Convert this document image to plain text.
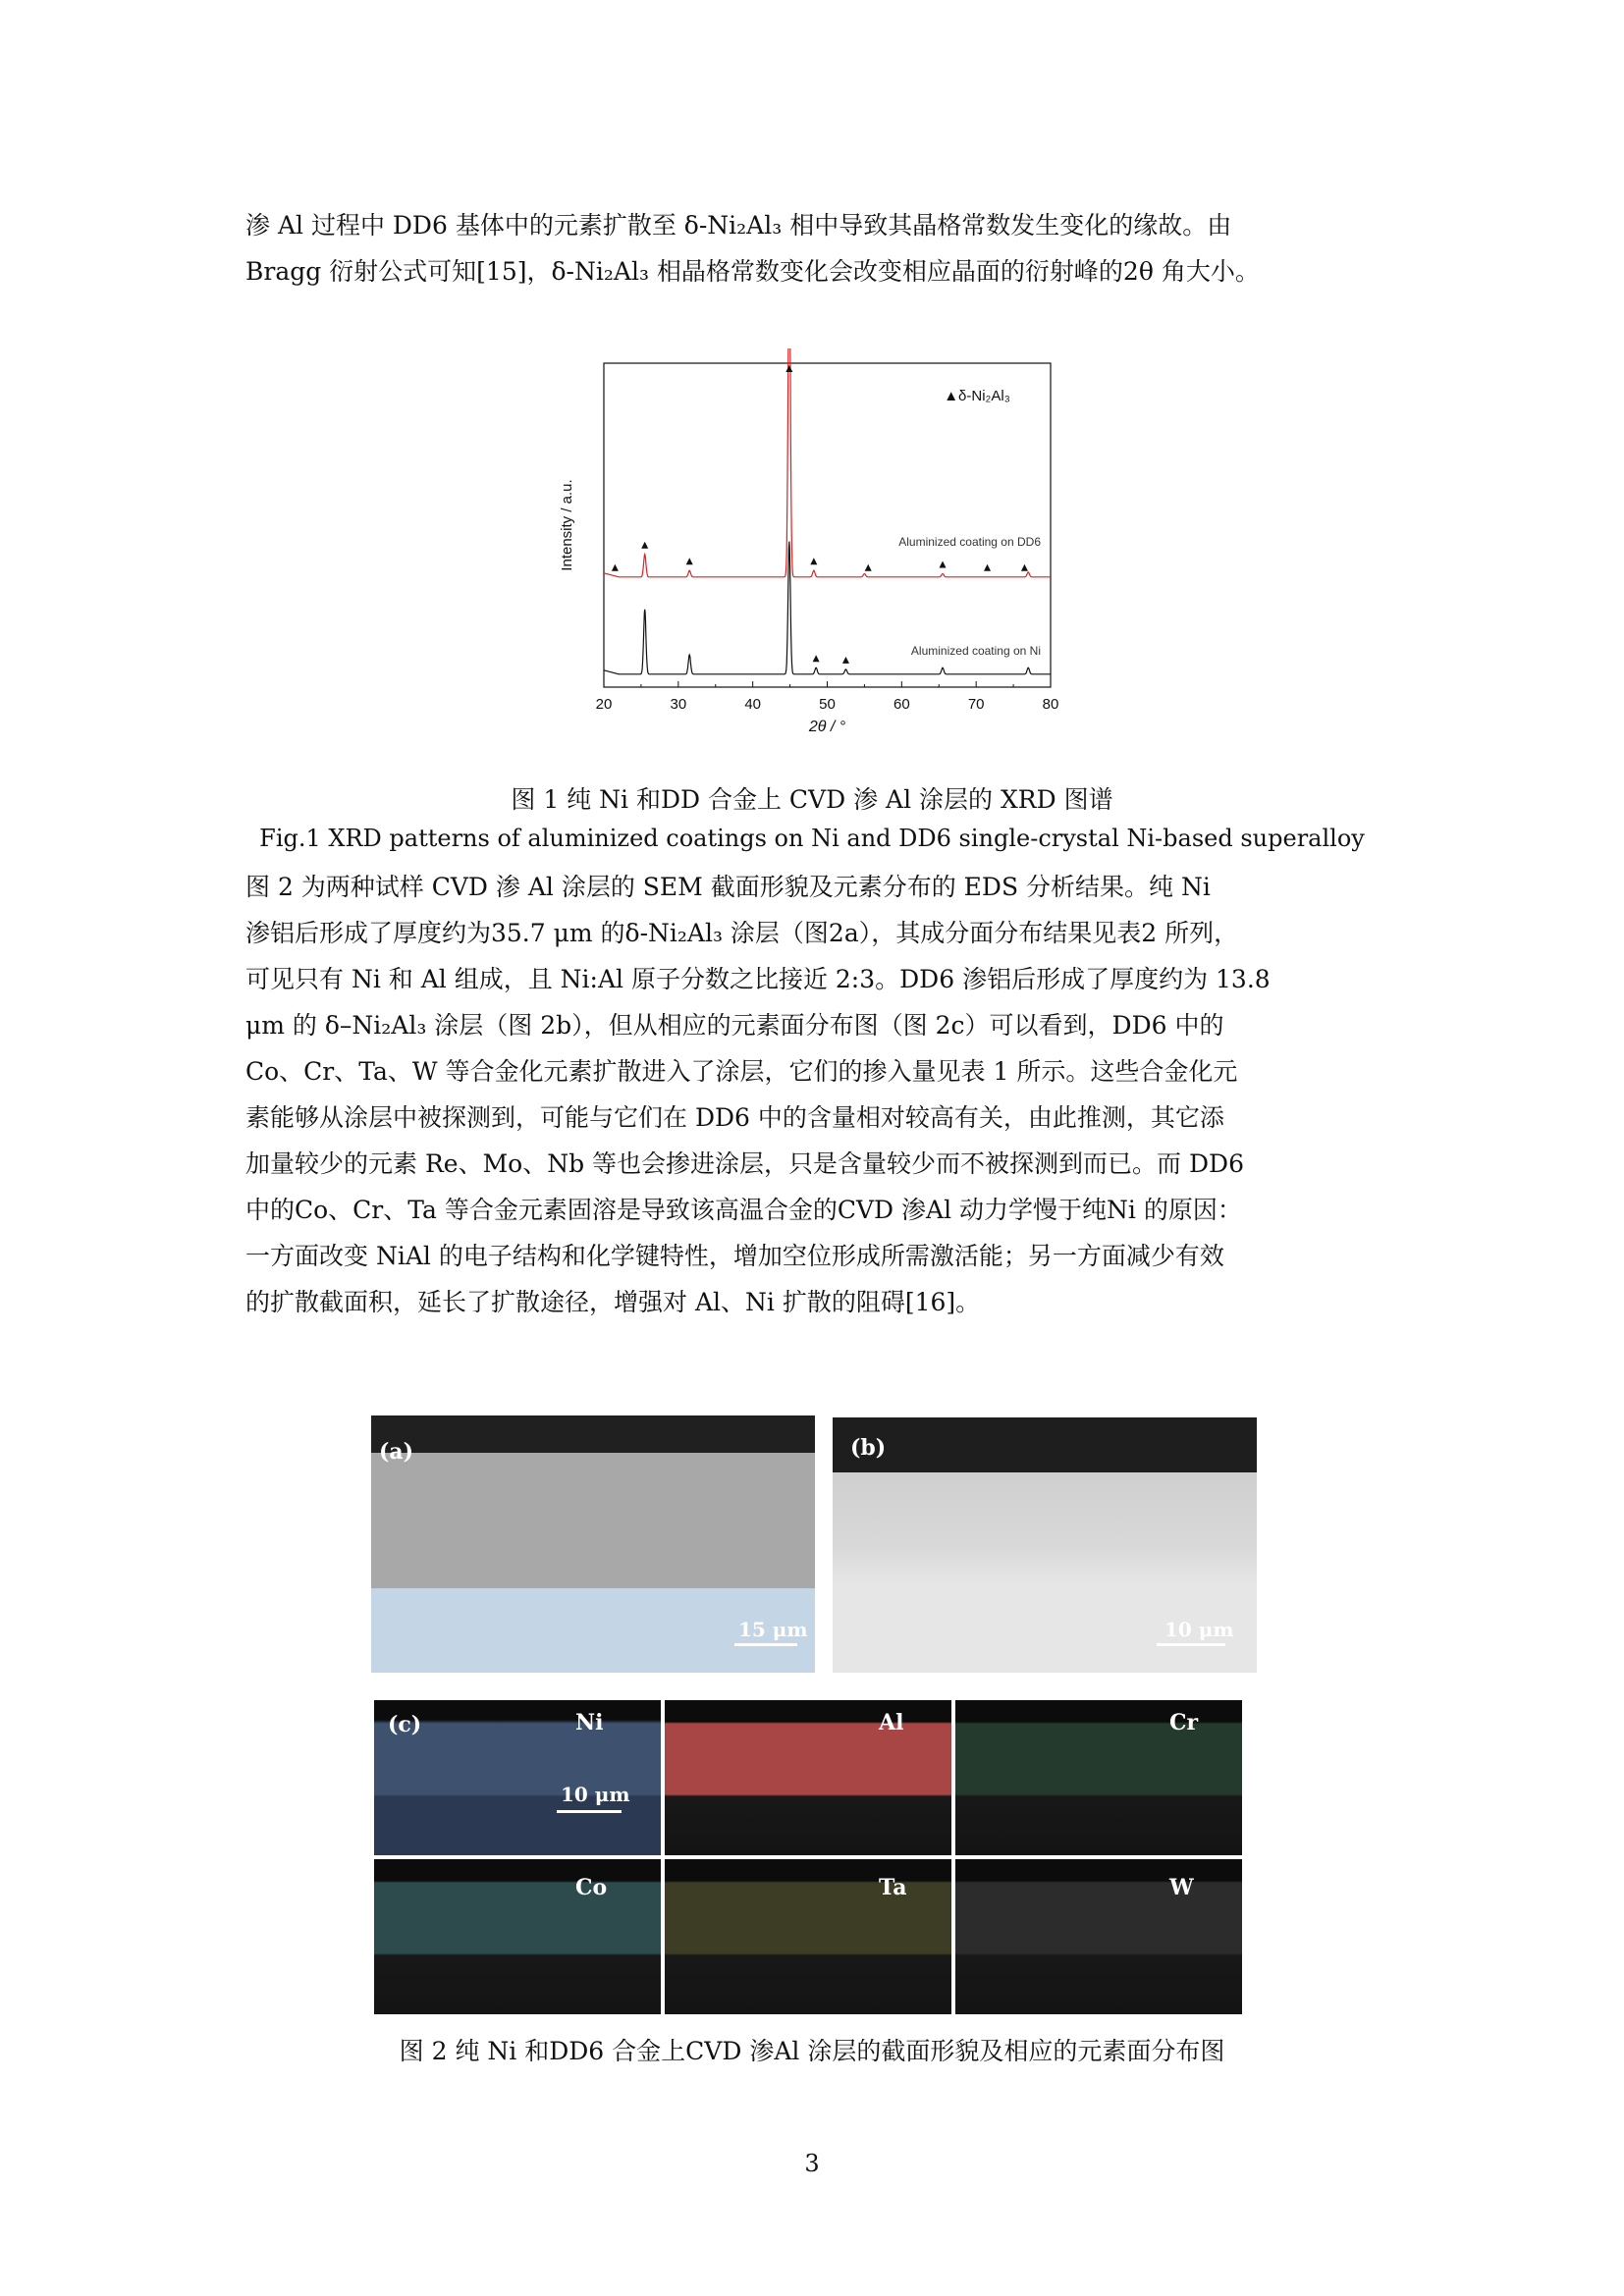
渗 Al 过程中 DD6 基体中的元素扩散至 δ-Ni₂Al₃ 相中导致其晶格常数发生变化的缘故。由
Bragg 衍射公式可知[15]，δ-Ni₂Al₃ 相晶格常数变化会改变相应晶面的衍射峰的2θ 角大小。
20	30	40	50	60	70	80
2θ / °
Intensity / a.u.
▲δ-Ni₂Al₃
Aluminized coating on DD6
Aluminized coating on Ni

图 1 纯 Ni 和DD 合金上 CVD 渗 Al 涂层的 XRD 图谱

Fig.1 XRD patterns of aluminized coatings on Ni and DD6 single-crystal Ni-based superalloy

图 2 为两种试样 CVD 渗 Al 涂层的 SEM 截面形貌及元素分布的 EDS 分析结果。纯 Ni
渗铝后形成了厚度约为35.7 μm 的δ-Ni₂Al₃ 涂层（图2a），其成分面分布结果见表2 所列，
可见只有 Ni 和 Al 组成，且 Ni:Al 原子分数之比接近 2:3。DD6 渗铝后形成了厚度约为 13.8
μm 的 δ–Ni₂Al₃ 涂层（图 2b），但从相应的元素面分布图（图 2c）可以看到，DD6 中的
Co、Cr、Ta、W 等合金化元素扩散进入了涂层，它们的掺入量见表 1 所示。这些合金化元
素能够从涂层中被探测到，可能与它们在 DD6 中的含量相对较高有关，由此推测，其它添
加量较少的元素 Re、Mo、Nb 等也会掺进涂层，只是含量较少而不被探测到而已。而 DD6
中的Co、Cr、Ta 等合金元素固溶是导致该高温合金的CVD 渗Al 动力学慢于纯Ni 的原因：
一方面改变 NiAl 的电子结构和化学键特性，增加空位形成所需激活能；另一方面减少有效
的扩散截面积，延长了扩散途径，增强对 Al、Ni 扩散的阻碍[16]。
(a)
15 μm
(b)
10 μm
Ni
(c)
10 μm
Al	Cr
Co	Ta	W

图 2 纯 Ni 和DD6 合金上CVD 渗Al 涂层的截面形貌及相应的元素面分布图

3
